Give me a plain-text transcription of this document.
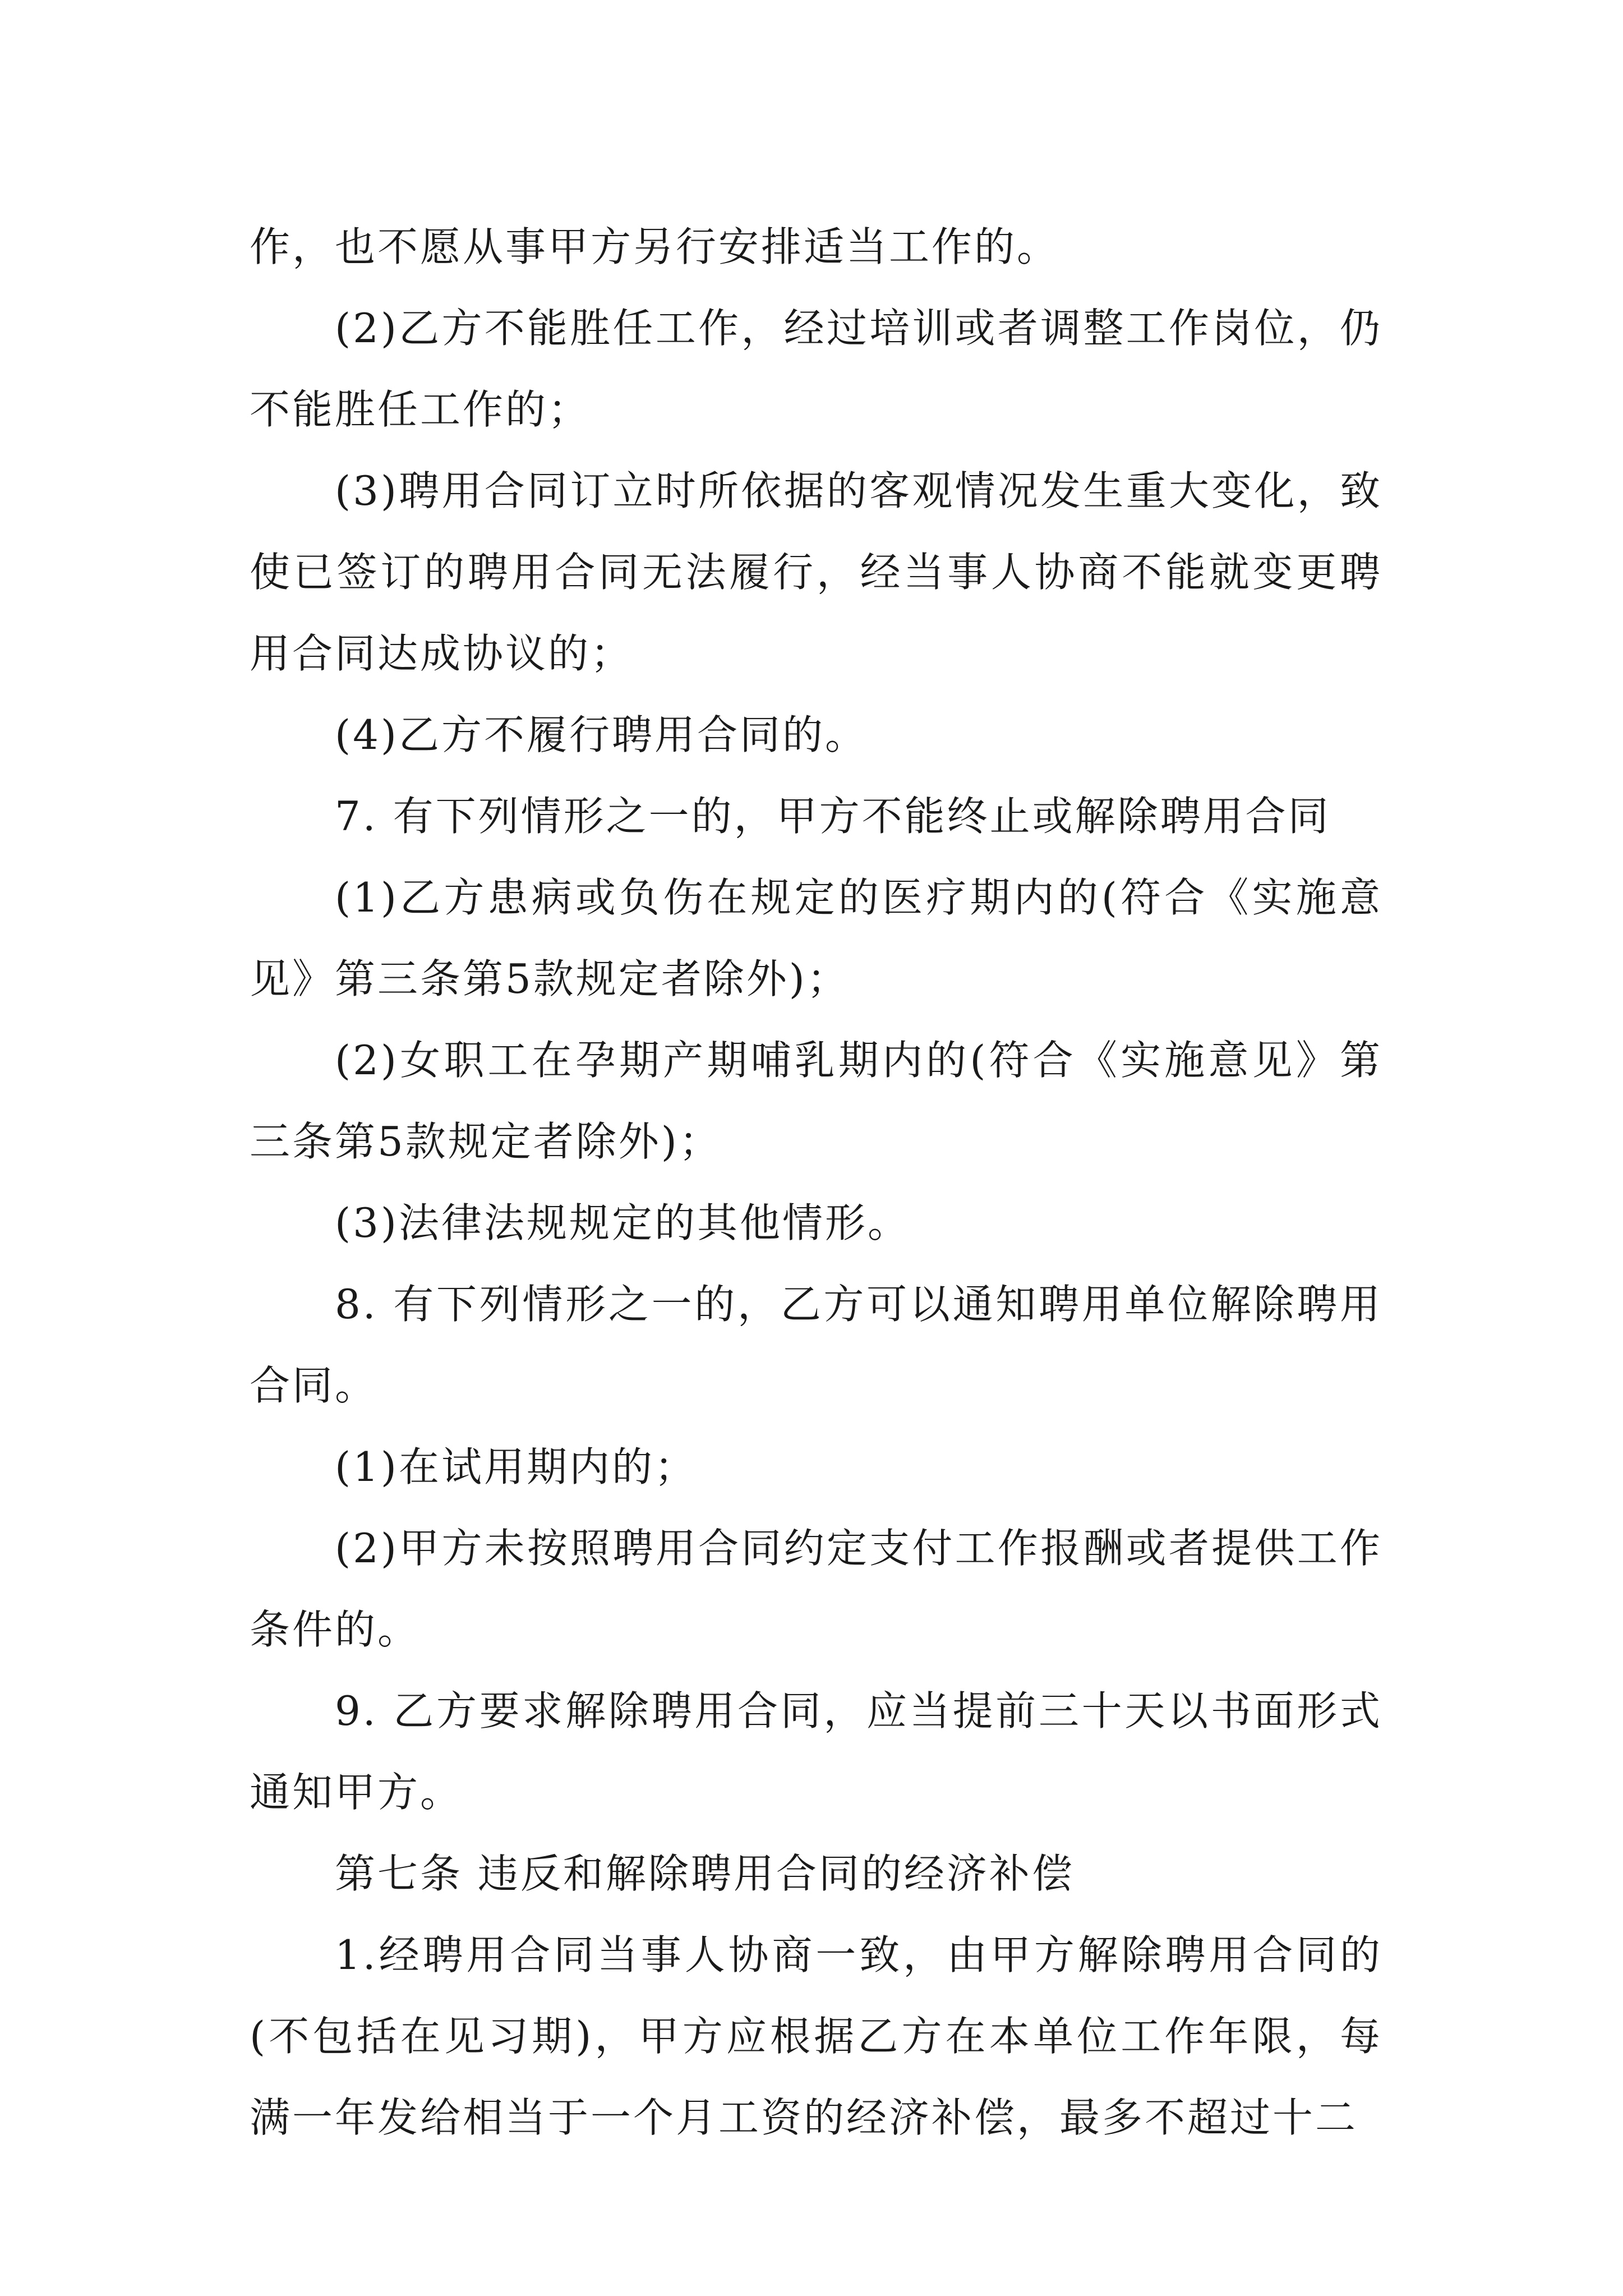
作，也不愿从事甲方另行安排适当工作的。

(2)乙方不能胜任工作，经过培训或者调整工作岗位，仍不能胜任工作的；

(3)聘用合同订立时所依据的客观情况发生重大变化，致使已签订的聘用合同无法履行，经当事人协商不能就变更聘用合同达成协议的；

(4)乙方不履行聘用合同的。

7. 有下列情形之一的，甲方不能终止或解除聘用合同

(1)乙方患病或负伤在规定的医疗期内的(符合《实施意见》第三条第5款规定者除外)；

(2)女职工在孕期产期哺乳期内的(符合《实施意见》第三条第5款规定者除外)；

(3)法律法规规定的其他情形。

8. 有下列情形之一的，乙方可以通知聘用单位解除聘用合同。

(1)在试用期内的；

(2)甲方未按照聘用合同约定支付工作报酬或者提供工作条件的。

9. 乙方要求解除聘用合同，应当提前三十天以书面形式通知甲方。

第七条 违反和解除聘用合同的经济补偿

1.经聘用合同当事人协商一致，由甲方解除聘用合同的(不包括在见习期)，甲方应根据乙方在本单位工作年限，每满一年发给相当于一个月工资的经济补偿，最多不超过十二
